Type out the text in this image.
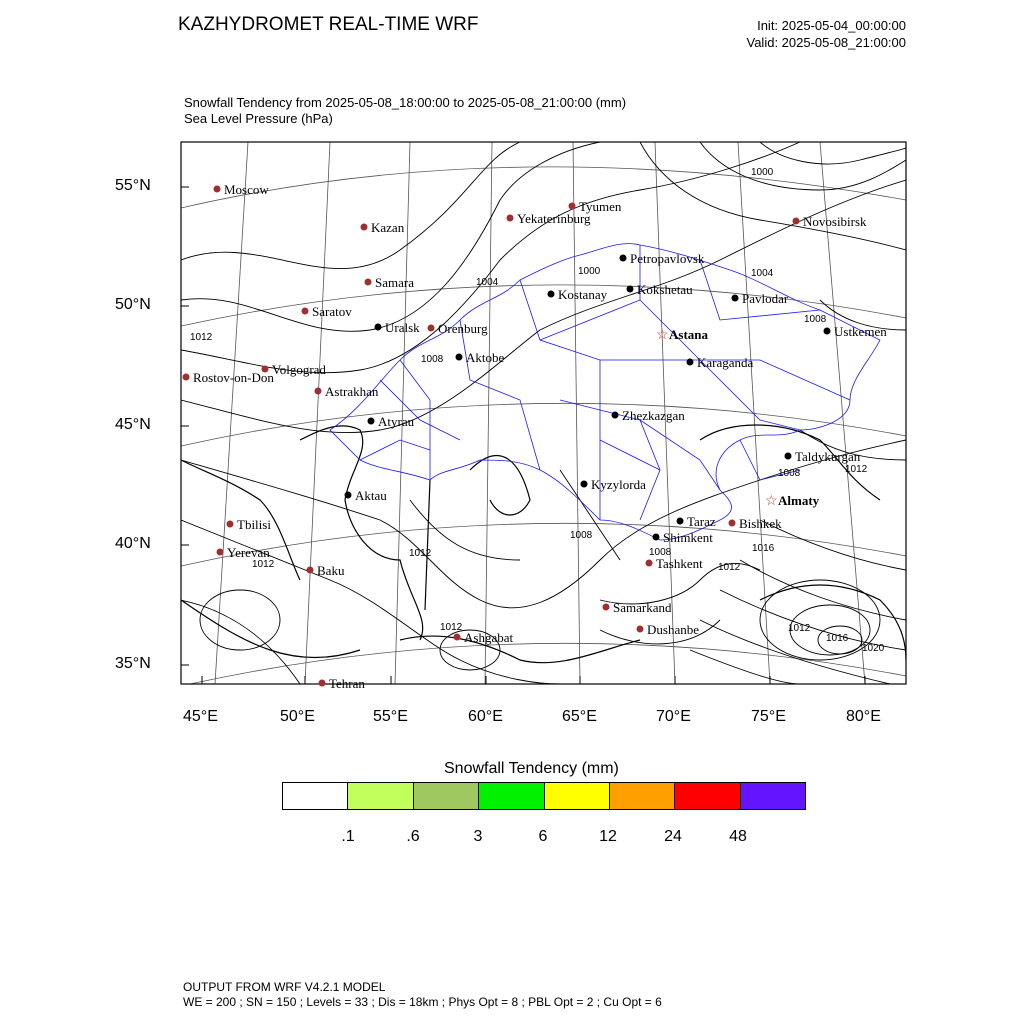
KAZHYDROMET REAL-TIME WRF	Init: 2025-05-04_00:00:00
Valid: 2025-05-08_21:00:00
Snowfall Tendency from 2025-05-08_18:00:00 to 2025-05-08_21:00:00 (mm)
Sea Level Pressure (hPa)
Moscow
Kazan
Tyumen
Yekaterinburg	Novosibirsk
Samara
Saratov
Orenburg
Volgograd
Rostov-on-Don
Astrakhan
Tbilisi
Yerevan
Baku
Ashgabat
Tehran
Samarkand
Dushanbe
Tashkent
Bishkek
Petropavlovsk
Kostanay Kokshetau
Pavlodar
Uralsk
Aktobe
☆ Astana
Karaganda
Ustkemen
Atyrau	Zhezkazgan
Taldykurgan
☆ Almaty
Aktau
Kyzylorda
Taraz
Shimkent
1000
1004
1000	1004
1008
1012
1008
1012
1008
1012
1008
1008	1016
1012	1012
1012
1016
1020
1012
55°N
50°N
45°N
40°N
35°N
45°E	50°E	55°E	60°E	65°E	70°E	75°E	80°E
Snowfall Tendency (mm)
.1	.6	3	6	12	24	48
OUTPUT FROM WRF V4.2.1 MODEL
WE = 200 ; SN = 150 ; Levels = 33 ; Dis = 18km ; Phys Opt = 8 ; PBL Opt = 2 ; Cu Opt = 6
